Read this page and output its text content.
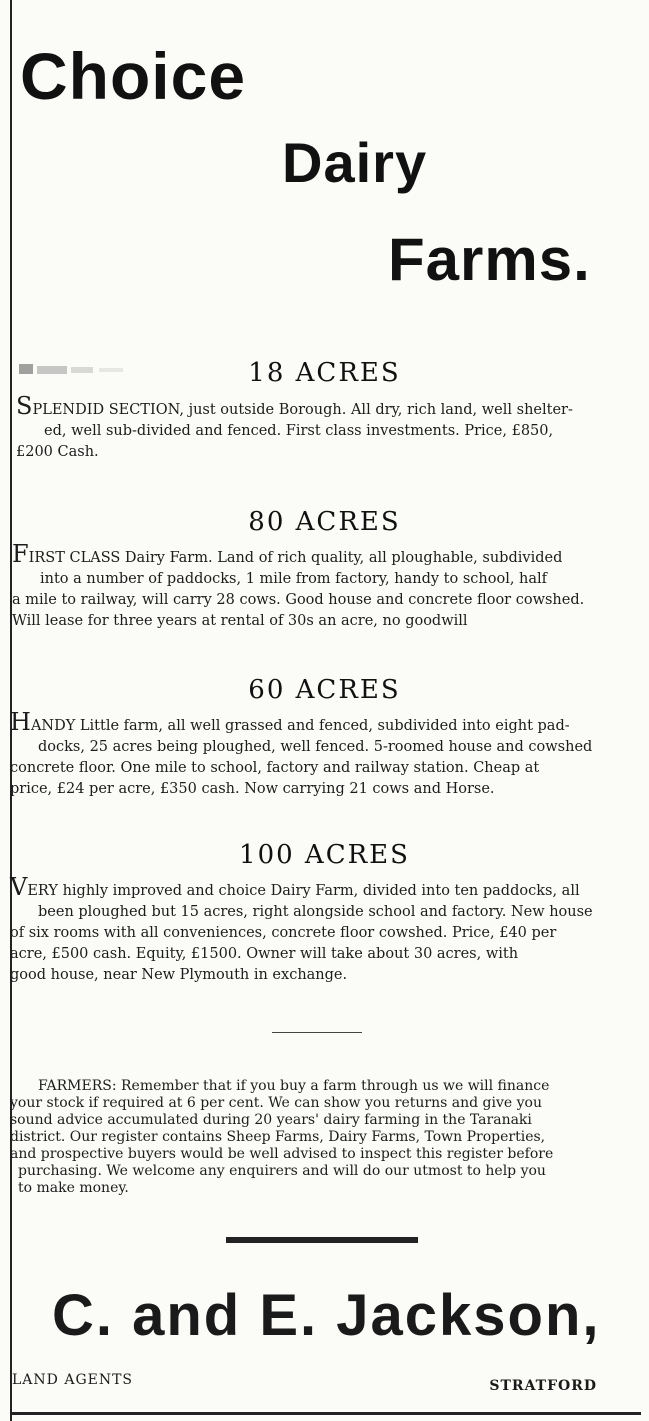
Choice
Dairy
Farms.
18 ACRES

SPLENDID SECTION, just outside Borough. All dry, rich land, well shelter-

ed, well sub-divided and fenced. First class investments. Price, £850,

£200 Cash.

80 ACRES

FIRST CLASS Dairy Farm. Land of rich quality, all ploughable, subdivided

into a number of paddocks, 1 mile from factory, handy to school, half

a mile to railway, will carry 28 cows. Good house and concrete floor cowshed.

Will lease for three years at rental of 30s an acre, no goodwill

60 ACRES

HANDY Little farm, all well grassed and fenced, subdivided into eight pad-

docks, 25 acres being ploughed, well fenced. 5-roomed house and cowshed

concrete floor. One mile to school, factory and railway station. Cheap at

price, £24 per acre, £350 cash. Now carrying 21 cows and Horse.

100 ACRES

VERY highly improved and choice Dairy Farm, divided into ten paddocks, all

been ploughed but 15 acres, right alongside school and factory. New house

of six rooms with all conveniences, concrete floor cowshed. Price, £40 per

acre, £500 cash. Equity, £1500. Owner will take about 30 acres, with

good house, near New Plymouth in exchange.

FARMERS: Remember that if you buy a farm through us we will finance

your stock if required at 6 per cent. We can show you returns and give you

sound advice accumulated during 20 years' dairy farming in the Taranaki

district. Our register contains Sheep Farms, Dairy Farms, Town Properties,

and prospective buyers would be well advised to inspect this register before

purchasing. We welcome any enquirers and will do our utmost to help you

to make money.

C. and E. Jackson,
LAND AGENTS	STRATFORD
